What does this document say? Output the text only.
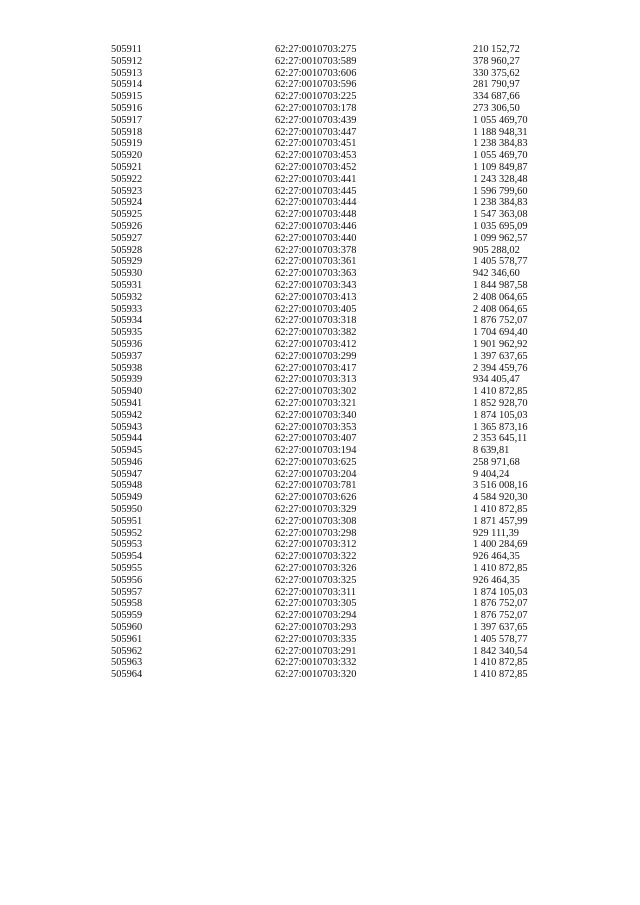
505911	62:27:0010703:275	210 152,72
505912	62:27:0010703:589	378 960,27
505913	62:27:0010703:606	330 375,62
505914	62:27:0010703:596	281 790,97
505915	62:27:0010703:225	334 687,66
505916	62:27:0010703:178	273 306,50
505917	62:27:0010703:439	1 055 469,70
505918	62:27:0010703:447	1 188 948,31
505919	62:27:0010703:451	1 238 384,83
505920	62:27:0010703:453	1 055 469,70
505921	62:27:0010703:452	1 109 849,87
505922	62:27:0010703:441	1 243 328,48
505923	62:27:0010703:445	1 596 799,60
505924	62:27:0010703:444	1 238 384,83
505925	62:27:0010703:448	1 547 363,08
505926	62:27:0010703:446	1 035 695,09
505927	62:27:0010703:440	1 099 962,57
505928	62:27:0010703:378	905 288,02
505929	62:27:0010703:361	1 405 578,77
505930	62:27:0010703:363	942 346,60
505931	62:27:0010703:343	1 844 987,58
505932	62:27:0010703:413	2 408 064,65
505933	62:27:0010703:405	2 408 064,65
505934	62:27:0010703:318	1 876 752,07
505935	62:27:0010703:382	1 704 694,40
505936	62:27:0010703:412	1 901 962,92
505937	62:27:0010703:299	1 397 637,65
505938	62:27:0010703:417	2 394 459,76
505939	62:27:0010703:313	934 405,47
505940	62:27:0010703:302	1 410 872,85
505941	62:27:0010703:321	1 852 928,70
505942	62:27:0010703:340	1 874 105,03
505943	62:27:0010703:353	1 365 873,16
505944	62:27:0010703:407	2 353 645,11
505945	62:27:0010703:194	8 639,81
505946	62:27:0010703:625	258 971,68
505947	62:27:0010703:204	9 404,24
505948	62:27:0010703:781	3 516 008,16
505949	62:27:0010703:626	4 584 920,30
505950	62:27:0010703:329	1 410 872,85
505951	62:27:0010703:308	1 871 457,99
505952	62:27:0010703:298	929 111,39
505953	62:27:0010703:312	1 400 284,69
505954	62:27:0010703:322	926 464,35
505955	62:27:0010703:326	1 410 872,85
505956	62:27:0010703:325	926 464,35
505957	62:27:0010703:311	1 874 105,03
505958	62:27:0010703:305	1 876 752,07
505959	62:27:0010703:294	1 876 752,07
505960	62:27:0010703:293	1 397 637,65
505961	62:27:0010703:335	1 405 578,77
505962	62:27:0010703:291	1 842 340,54
505963	62:27:0010703:332	1 410 872,85
505964	62:27:0010703:320	1 410 872,85
